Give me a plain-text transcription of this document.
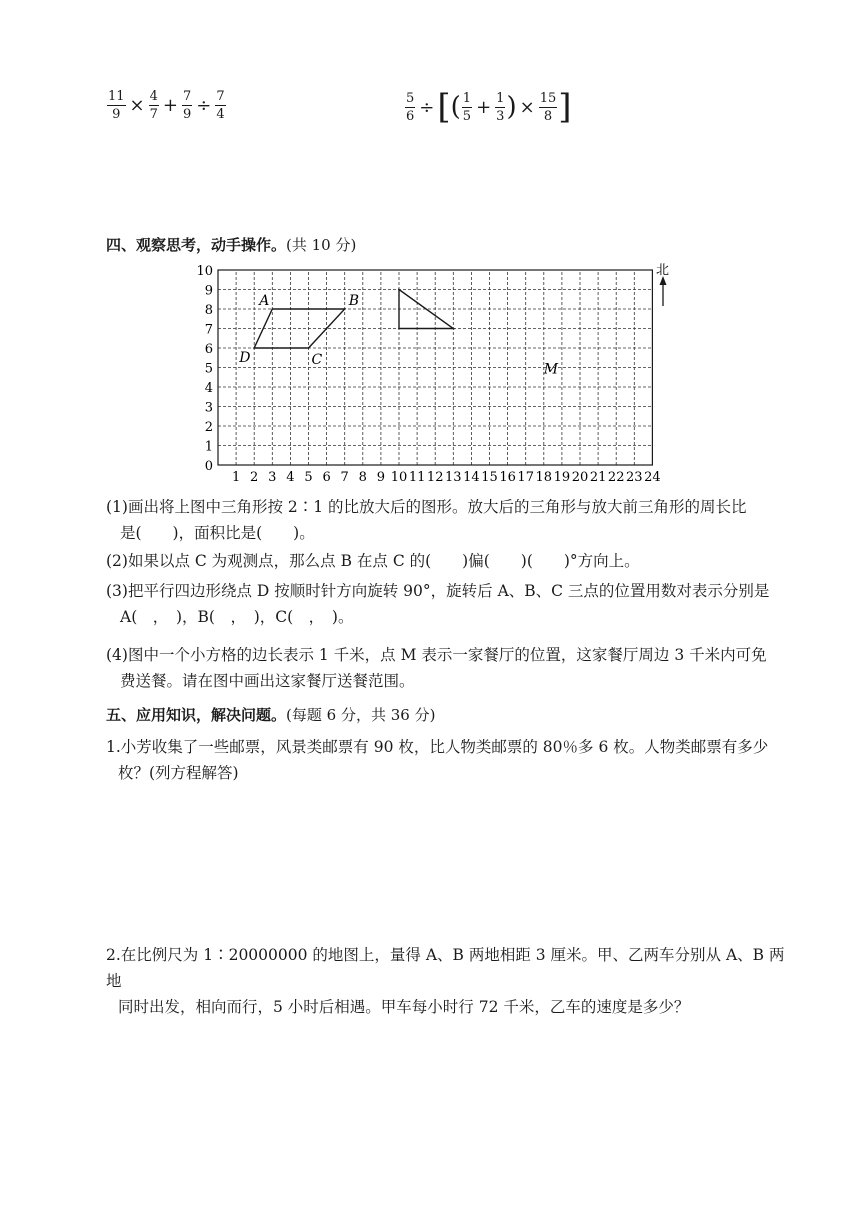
$\frac{11}{9} \times \frac{4}{7} + \frac{7}{9} \div \frac{7}{4}$	$\frac{5}{6}$ ÷ [ ( $\frac{1}{5} + \frac{1}{3}$ ) × $\frac{15}{8}$ ]
四、观察思考，动手操作。(共 10 分)
1 2 3 4 5 6 7 8 9 10 11 12 13 14 15 16 17 18 19 20 21 22 23 24
0
1
2
3
4
5
6
7
8
9
10
A	B
C
D
M
北
(1)画出将上图中三角形按 2∶1 的比放大后的图形。放大后的三角形与放大前三角形的周长比
是(　　)，面积比是(　　)。
(2)如果以点 C 为观测点，那么点 B 在点 C 的(　　)偏(　　)(　　)°方向上。
(3)把平行四边形绕点 D 按顺时针方向旋转 90°，旋转后 A、B、C 三点的位置用数对表示分别是
A(　，　)，B(　，　)，C(　，　)。
(4)图中一个小方格的边长表示 1 千米，点 M 表示一家餐厅的位置，这家餐厅周边 3 千米内可免
费送餐。请在图中画出这家餐厅送餐范围。
五、应用知识，解决问题。(每题 6 分，共 36 分)
1.小芳收集了一些邮票，风景类邮票有 90 枚，比人物类邮票的 80％多 6 枚。人物类邮票有多少
枚？(列方程解答)
2.在比例尺为 1∶20000000 的地图上，量得 A、B 两地相距 3 厘米。甲、乙两车分别从 A、B 两地
同时出发，相向而行，5 小时后相遇。甲车每小时行 72 千米，乙车的速度是多少？
